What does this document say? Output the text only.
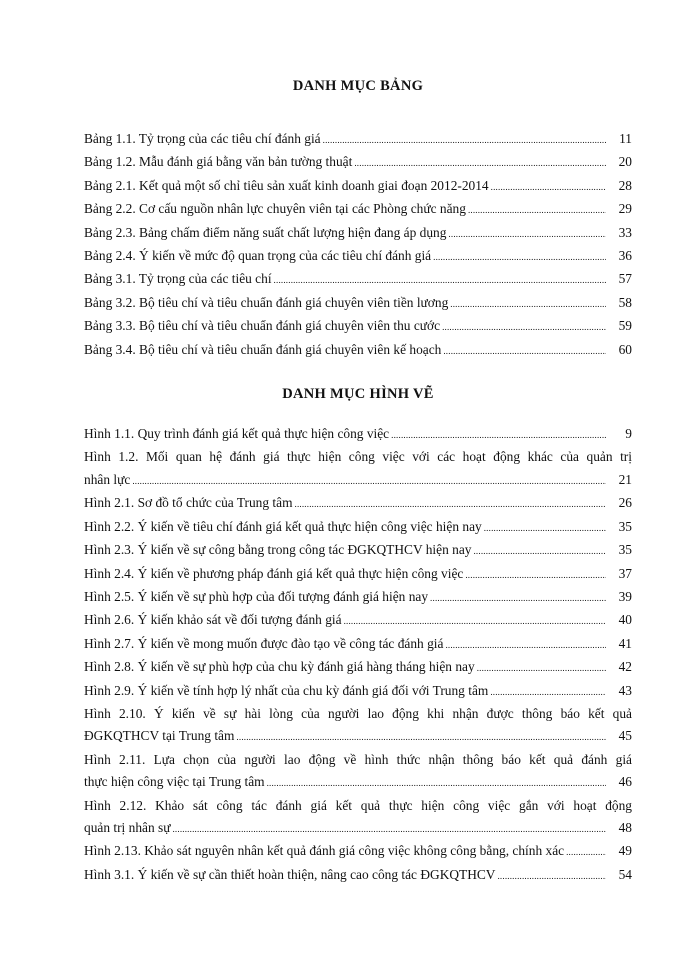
DANH MỤC BẢNG
Bảng 1.1. Tỷ trọng của các tiêu chí đánh giá .....	11
Bảng 1.2. Mẫu đánh giá bằng văn bản tường thuật .....	20
Bảng 2.1. Kết quả một số chỉ tiêu sản xuất kinh doanh giai đoạn 2012-2014 .....	28
Bảng 2.2. Cơ cấu nguồn nhân lực chuyên viên tại các Phòng chức năng .....	29
Bảng 2.3. Bảng chấm điểm năng suất chất lượng hiện đang áp dụng .....	33
Bảng 2.4. Ý kiến về mức độ quan trọng của các tiêu chí đánh giá .....	36
Bảng 3.1. Tỷ trọng của các tiêu chí .....	57
Bảng 3.2. Bộ tiêu chí và tiêu chuẩn đánh giá chuyên viên tiền lương .....	58
Bảng 3.3. Bộ tiêu chí và tiêu chuẩn đánh giá chuyên viên thu cước .....	59
Bảng 3.4. Bộ tiêu chí và tiêu chuẩn đánh giá chuyên viên kế hoạch .....	60
DANH MỤC HÌNH VẼ
Hình 1.1. Quy trình đánh giá kết quả thực hiện công việc .....	9
Hình 1.2. Mối quan hệ đánh giá thực hiện công việc với các hoạt động khác của quản trị
nhân lực .....	21
Hình 2.1. Sơ đồ tổ chức của Trung tâm .....	26
Hình 2.2. Ý kiến về tiêu chí đánh giá kết quả thực hiện công việc hiện nay .....	35
Hình 2.3. Ý kiến về sự công bằng trong công tác ĐGKQTHCV hiện nay .....	35
Hình 2.4. Ý kiến về phương pháp đánh giá kết quả thực hiện công việc .....	37
Hình 2.5. Ý kiến về sự phù hợp của đối tượng đánh giá hiện nay .....	39
Hình 2.6. Ý kiến khảo sát về đối tượng đánh giá .....	40
Hình 2.7. Ý kiến về mong muốn được đào tạo về công tác đánh giá .....	41
Hình 2.8. Ý kiến về sự phù hợp của chu kỳ đánh giá hàng tháng hiện nay .....	42
Hình 2.9. Ý kiến về tính hợp lý nhất của chu kỳ đánh giá đối với Trung tâm .....	43
Hình 2.10. Ý kiến về sự hài lòng của người lao động khi nhận được thông báo kết quả
ĐGKQTHCV tại Trung tâm .....	45
Hình 2.11. Lựa chọn của người lao động về hình thức nhận thông báo kết quả đánh giá
thực hiện công việc tại Trung tâm .....	46
Hình 2.12. Khảo sát công tác đánh giá kết quả thực hiện công việc gắn với hoạt động
quản trị nhân sự .....	48
Hình 2.13. Khảo sát nguyên nhân kết quả đánh giá công việc không công bằng, chính xác .....	49
Hình 3.1. Ý kiến về sự cần thiết hoàn thiện, nâng cao công tác ĐGKQTHCV .....	54
